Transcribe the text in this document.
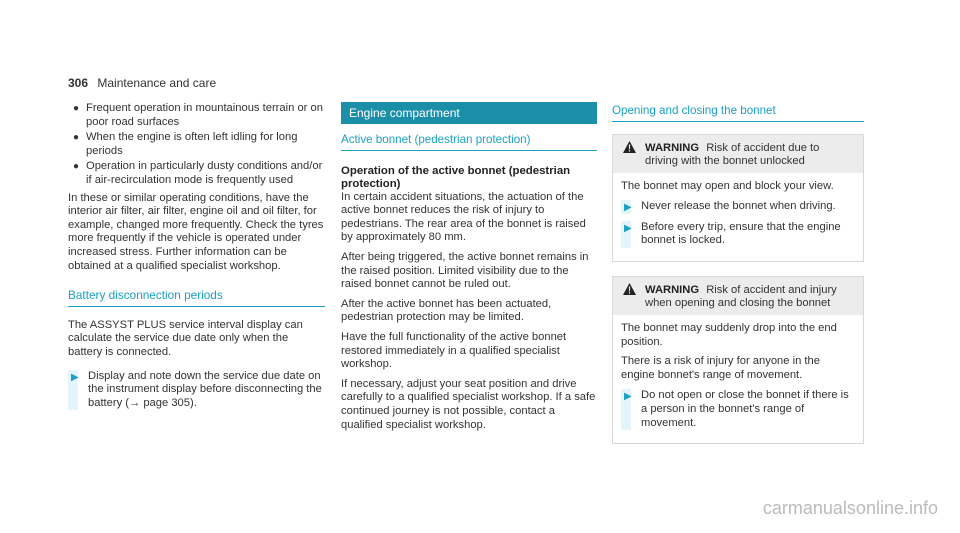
306 Maintenance and care
● Frequent operation in mountainous terrain or on poor road surfaces
● When the engine is often left idling for long periods
● Operation in particularly dusty conditions and/or if air-recirculation mode is frequently used

In these or similar operating conditions, have the interior air filter, air filter, engine oil and oil filter, for example, changed more frequently. Check the tyres more frequently if the vehicle is operated under increased stress. Further information can be obtained at a qualified specialist workshop.

Battery disconnection periods

The ASSYST PLUS service interval display can calculate the service due date only when the battery is connected.

▶ Display and note down the service due date on the instrument display before disconnecting the battery (→ page 305).
Engine compartment
Active bonnet (pedestrian protection)

Operation of the active bonnet (pedestrian protection)

In certain accident situations, the actuation of the active bonnet reduces the risk of injury to pedestrians. The rear area of the bonnet is raised by approximately 80 mm.

After being triggered, the active bonnet remains in the raised position. Limited visibility due to the raised bonnet cannot be ruled out.

After the active bonnet has been actuated, pedestrian protection may be limited.

Have the full functionality of the active bonnet restored immediately in a qualified specialist workshop.

If necessary, adjust your seat position and drive carefully to a qualified specialist workshop. If a safe continued journey is not possible, contact a qualified specialist workshop.

Opening and closing the bonnet
WARNING Risk of accident due to driving with the bonnet unlocked

The bonnet may open and block your view.

▶ Never release the bonnet when driving.
▶ Before every trip, ensure that the engine bonnet is locked.
WARNING Risk of accident and injury when opening and closing the bonnet

The bonnet may suddenly drop into the end position.

There is a risk of injury for anyone in the engine bonnet's range of movement.

▶ Do not open or close the bonnet if there is a person in the bonnet's range of movement.
carmanualsonline.info
